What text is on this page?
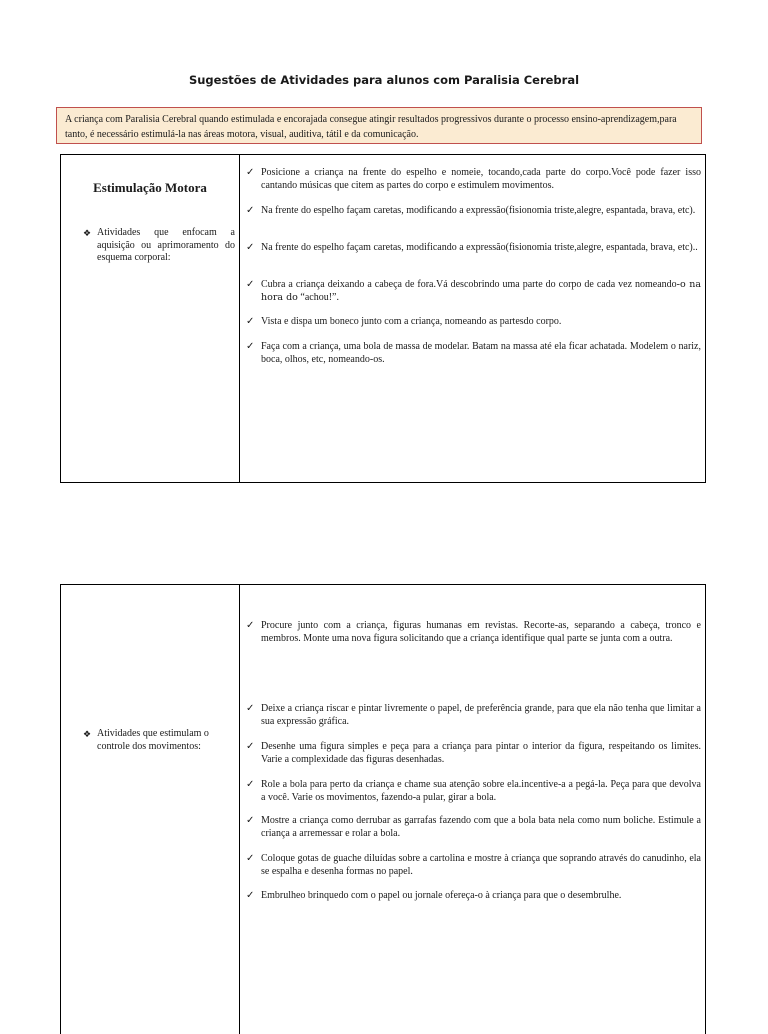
Sugestões de Atividades para alunos com Paralisia Cerebral
A criança com Paralisia Cerebral quando estimulada e encorajada consegue atingir resultados progressivos durante o processo ensino-aprendizagem,para tanto, é necessário estimulá-la nas áreas motora, visual, auditiva, tátil e da comunicação.
Estimulação Motora
❖ Atividades que enfocam a aquisição ou aprimoramento do esquema corporal:
✓ Posicione a criança na frente do espelho e nomeie, tocando,cada parte do corpo.Você pode fazer isso cantando músicas que citem as partes do corpo e estimulem movimentos.
✓ Na frente do espelho façam caretas, modificando a expressão(fisionomia triste,alegre, espantada, brava, etc).
✓ Na frente do espelho façam caretas, modificando a expressão(fisionomia triste,alegre, espantada, brava, etc)..
✓ Cubra a criança deixando a cabeça de fora.Vá descobrindo uma parte do corpo de cada vez nomeando-o na hora do “achou!”.
✓ Vista e dispa um boneco junto com a criança, nomeando as partesdo corpo.
✓ Faça com a criança, uma bola de massa de modelar. Batam na massa até ela ficar achatada. Modelem o nariz, boca, olhos, etc, nomeando-os.
❖ Atividades que estimulam o controle dos movimentos:
✓ Procure junto com a criança, figuras humanas em revistas. Recorte-as, separando a cabeça, tronco e membros. Monte uma nova figura solicitando que a criança identifique qual parte se junta com a outra.
✓ Deixe a criança riscar e pintar livremente o papel, de preferência grande, para que ela não tenha que limitar a sua expressão gráfica.
✓ Desenhe uma figura simples e peça para a criança para pintar o interior da figura, respeitando os limites. Varie a complexidade das figuras desenhadas.
✓ Role a bola para perto da criança e chame sua atenção sobre ela.incentive-a a pegá-la. Peça para que devolva a você. Varie os movimentos, fazendo-a pular, girar a bola.
✓ Mostre a criança como derrubar as garrafas fazendo com que a bola bata nela como num boliche. Estimule a criança a arremessar e rolar a bola.
✓ Coloque gotas de guache diluídas sobre a cartolina e mostre à criança que soprando através do canudinho, ela se espalha e desenha formas no papel.
✓ Embrulheo brinquedo com o papel ou jornale ofereça-o à criança para que o desembrulhe.
